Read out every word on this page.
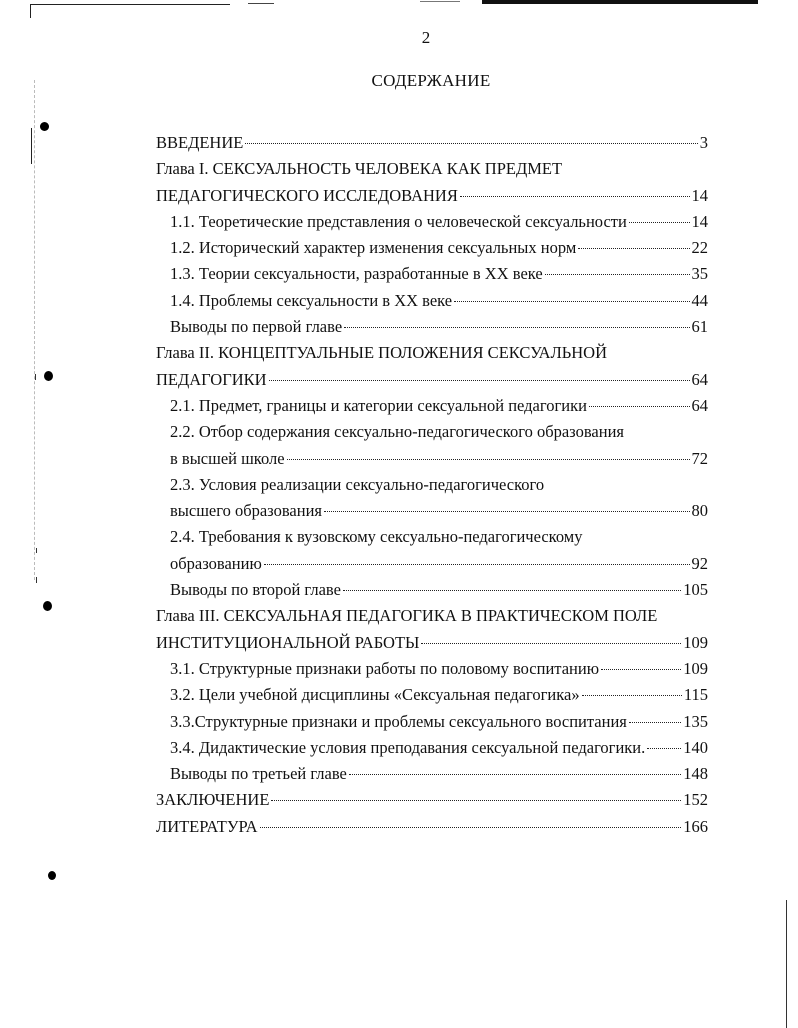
2
СОДЕРЖАНИЕ
ВВЕДЕНИЕ	3
Глава I. СЕКСУАЛЬНОСТЬ ЧЕЛОВЕКА КАК ПРЕДМЕТ
ПЕДАГОГИЧЕСКОГО ИССЛЕДОВАНИЯ	14
1.1. Теоретические представления о человеческой сексуальности	14
1.2. Исторический характер изменения сексуальных норм	22
1.3. Теории сексуальности, разработанные в XX веке	35
1.4. Проблемы сексуальности в XX веке	44
Выводы по первой главе	61
Глава II. КОНЦЕПТУАЛЬНЫЕ ПОЛОЖЕНИЯ СЕКСУАЛЬНОЙ
ПЕДАГОГИКИ	64
2.1. Предмет, границы и категории сексуальной педагогики	64
2.2. Отбор содержания сексуально-педагогического образования
в высшей школе	72
2.3. Условия реализации сексуально-педагогического
высшего образования	80
2.4. Требования к вузовскому сексуально-педагогическому
образованию	92
Выводы по второй главе	105
Глава III. СЕКСУАЛЬНАЯ ПЕДАГОГИКА В ПРАКТИЧЕСКОМ ПОЛЕ
ИНСТИТУЦИОНАЛЬНОЙ РАБОТЫ	109
3.1. Структурные признаки работы по половому воспитанию	109
3.2. Цели учебной дисциплины «Сексуальная педагогика»	115
3.3.Структурные признаки и проблемы сексуального воспитания	135
3.4. Дидактические условия преподавания сексуальной педагогики. 140
Выводы по третьей главе	148
ЗАКЛЮЧЕНИЕ	152
ЛИТЕРАТУРА	166
